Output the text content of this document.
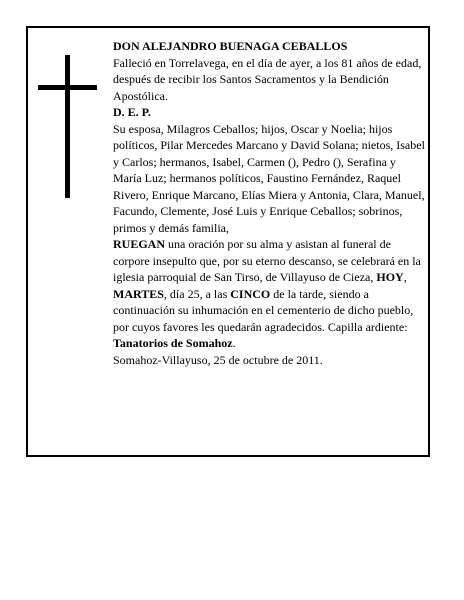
DON ALEJANDRO BUENAGA CEBALLOS

Falleció en Torrelavega, en el día de ayer, a los 81 años de edad, después de recibir los Santos Sacramentos y la Bendición Apostólica.

D. E. P.

Su esposa, Milagros Ceballos; hijos, Oscar y Noelia; hijos políticos, Pilar Mercedes Marcano y David Solana; nietos, Isabel y Carlos; hermanos, Isabel, Carmen (), Pedro (), Serafina y María Luz; hermanos políticos, Faustino Fernández, Raquel Rivero, Enrique Marcano, Elías Miera y Antonia, Clara, Manuel, Facundo, Clemente, José Luis y Enrique Ceballos; sobrinos, primos y demás familia,

RUEGAN una oración por su alma y asistan al funeral de corpore insepulto que, por su eterno descanso, se celebrará en la iglesia parroquial de San Tirso, de Villayuso de Cieza, HOY, MARTES, día 25, a las CINCO de la tarde, siendo a continuación su inhumación en el cementerio de dicho pueblo, por cuyos favores les quedarán agradecidos. Capilla ardiente: Tanatorios de Somahoz.

Somahoz-Villayuso, 25 de octubre de 2011.
